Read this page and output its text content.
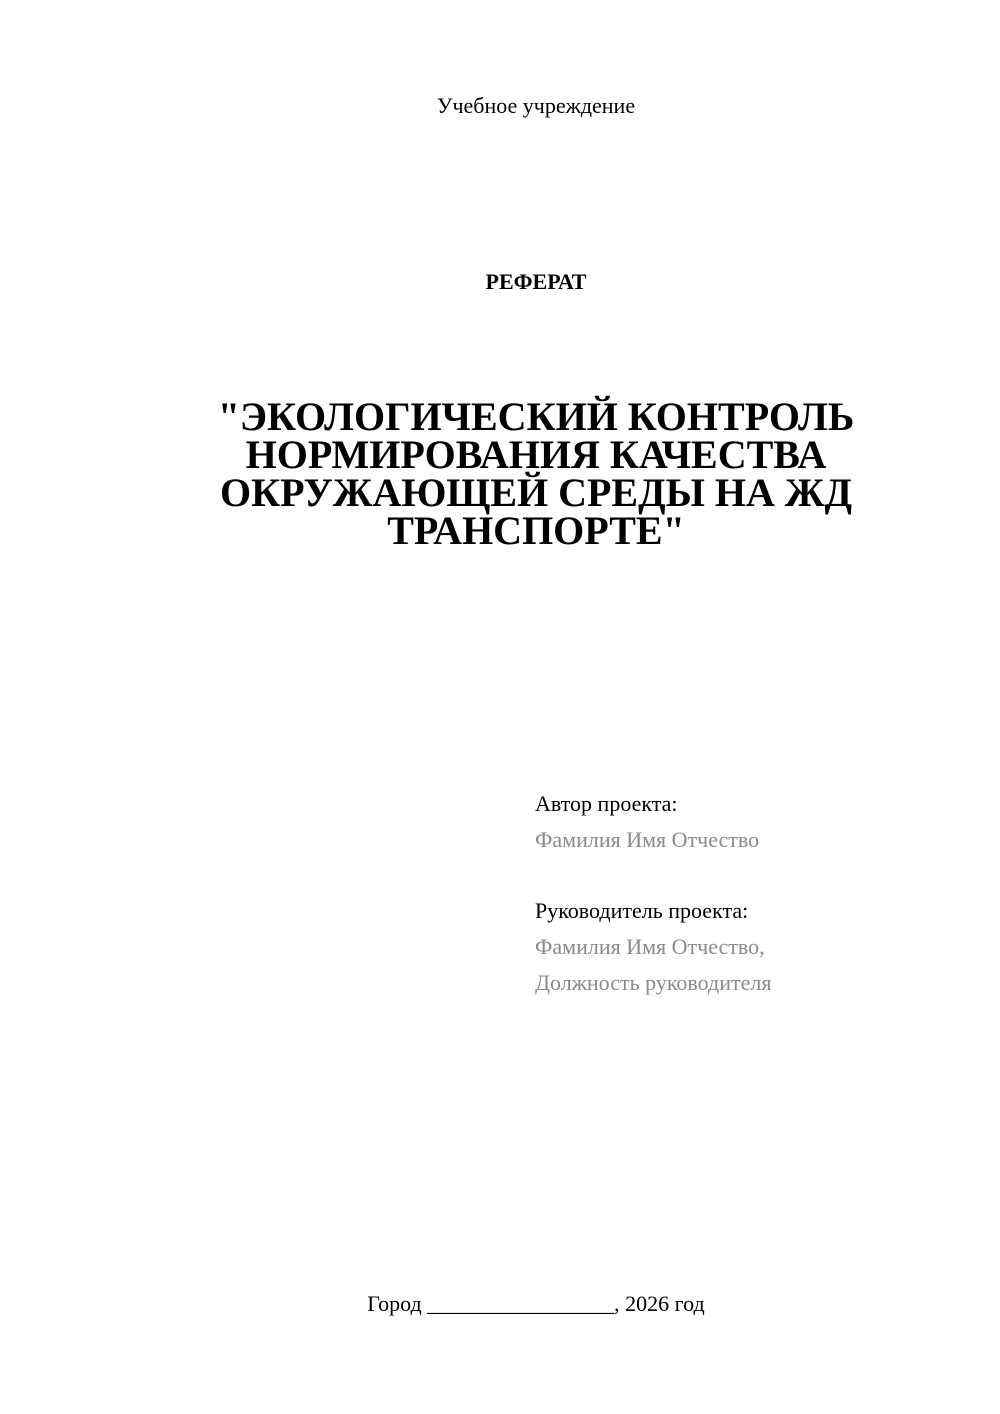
Учебное учреждение
РЕФЕРАТ
"ЭКОЛОГИЧЕСКИЙ КОНТРОЛЬ
НОРМИРОВАНИЯ КАЧЕСТВА
ОКРУЖАЮЩЕЙ СРЕДЫ НА ЖД
ТРАНСПОРТЕ"
Автор проекта:
Фамилия Имя Отчество
Руководитель проекта:
Фамилия Имя Отчество,
Должность руководителя
Город _________________, 2026 год
